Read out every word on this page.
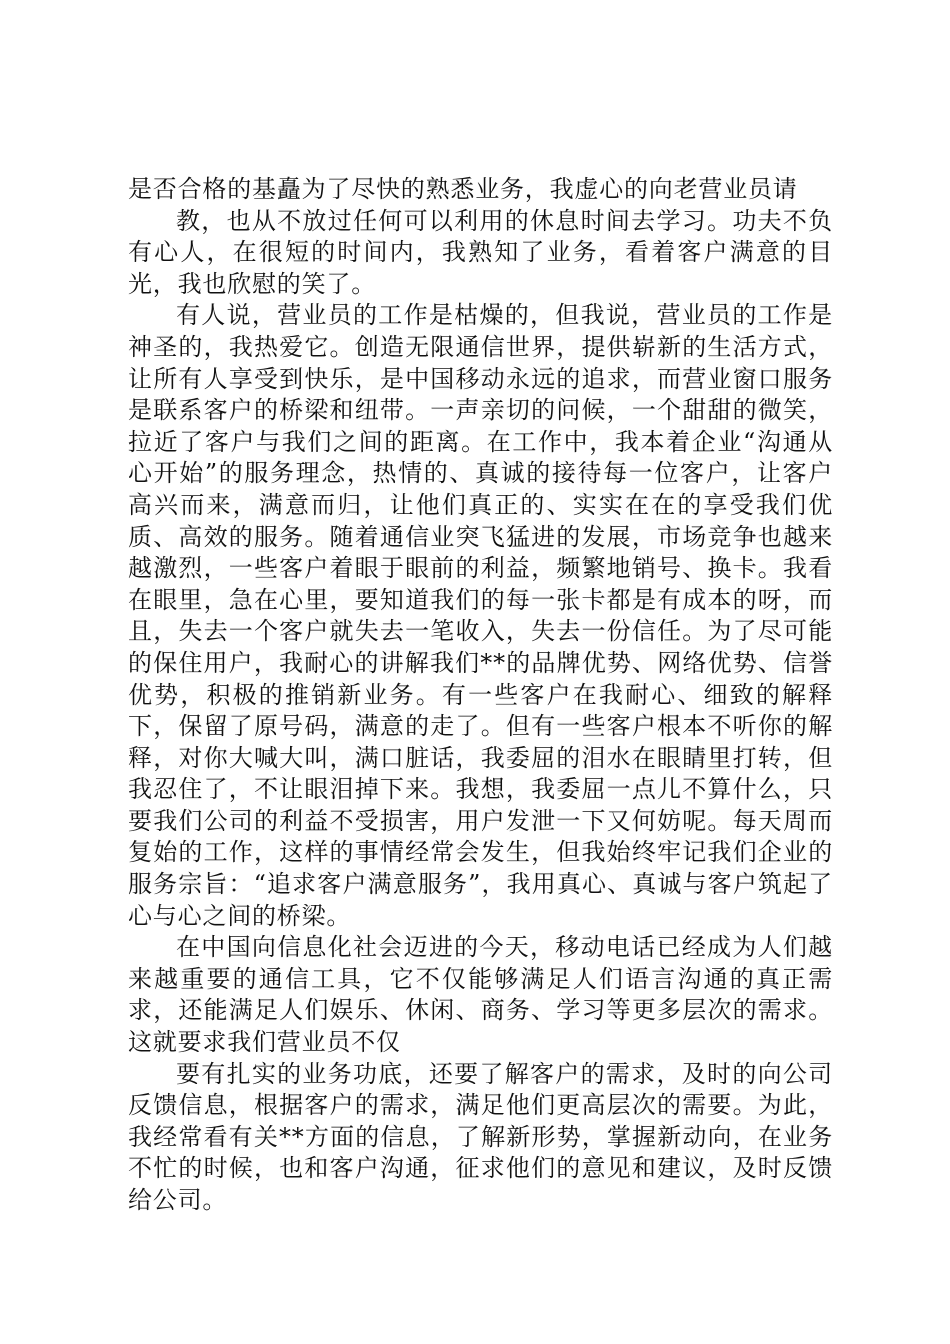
是否合格的基矗为了尽快的熟悉业务，我虚心的向老营业员请

教，也从不放过任何可以利用的休息时间去学习。功夫不负有心人，在很短的时间内，我熟知了业务，看着客户满意的目光，我也欣慰的笑了。

有人说，营业员的工作是枯燥的，但我说，营业员的工作是神圣的，我热爱它。创造无限通信世界，提供崭新的生活方式，让所有人享受到快乐，是中国移动永远的追求，而营业窗口服务是联系客户的桥梁和纽带。一声亲切的问候，一个甜甜的微笑，拉近了客户与我们之间的距离。在工作中，我本着企业“沟通从心开始”的服务理念，热情的、真诚的接待每一位客户，让客户高兴而来，满意而归，让他们真正的、实实在在的享受我们优质、高效的服务。随着通信业突飞猛进的发展，市场竞争也越来越激烈，一些客户着眼于眼前的利益，频繁地销号、换卡。我看在眼里，急在心里，要知道我们的每一张卡都是有成本的呀，而且，失去一个客户就失去一笔收入，失去一份信任。为了尽可能的保住用户，我耐心的讲解我们**的品牌优势、网络优势、信誉优势，积极的推销新业务。有一些客户在我耐心、细致的解释下，保留了原号码，满意的走了。但有一些客户根本不听你的解释，对你大喊大叫，满口脏话，我委屈的泪水在眼睛里打转，但我忍住了，不让眼泪掉下来。我想，我委屈一点儿不算什么，只要我们公司的利益不受损害，用户发泄一下又何妨呢。每天周而复始的工作，这样的事情经常会发生，但我始终牢记我们企业的服务宗旨：“追求客户满意服务”，我用真心、真诚与客户筑起了心与心之间的桥梁。

在中国向信息化社会迈进的今天，移动电话已经成为人们越来越重要的通信工具，它不仅能够满足人们语言沟通的真正需求，还能满足人们娱乐、休闲、商务、学习等更多层次的需求。这就要求我们营业员不仅

要有扎实的业务功底，还要了解客户的需求，及时的向公司反馈信息，根据客户的需求，满足他们更高层次的需要。为此，我经常看有关**方面的信息，了解新形势，掌握新动向，在业务不忙的时候，也和客户沟通，征求他们的意见和建议，及时反馈给公司。
